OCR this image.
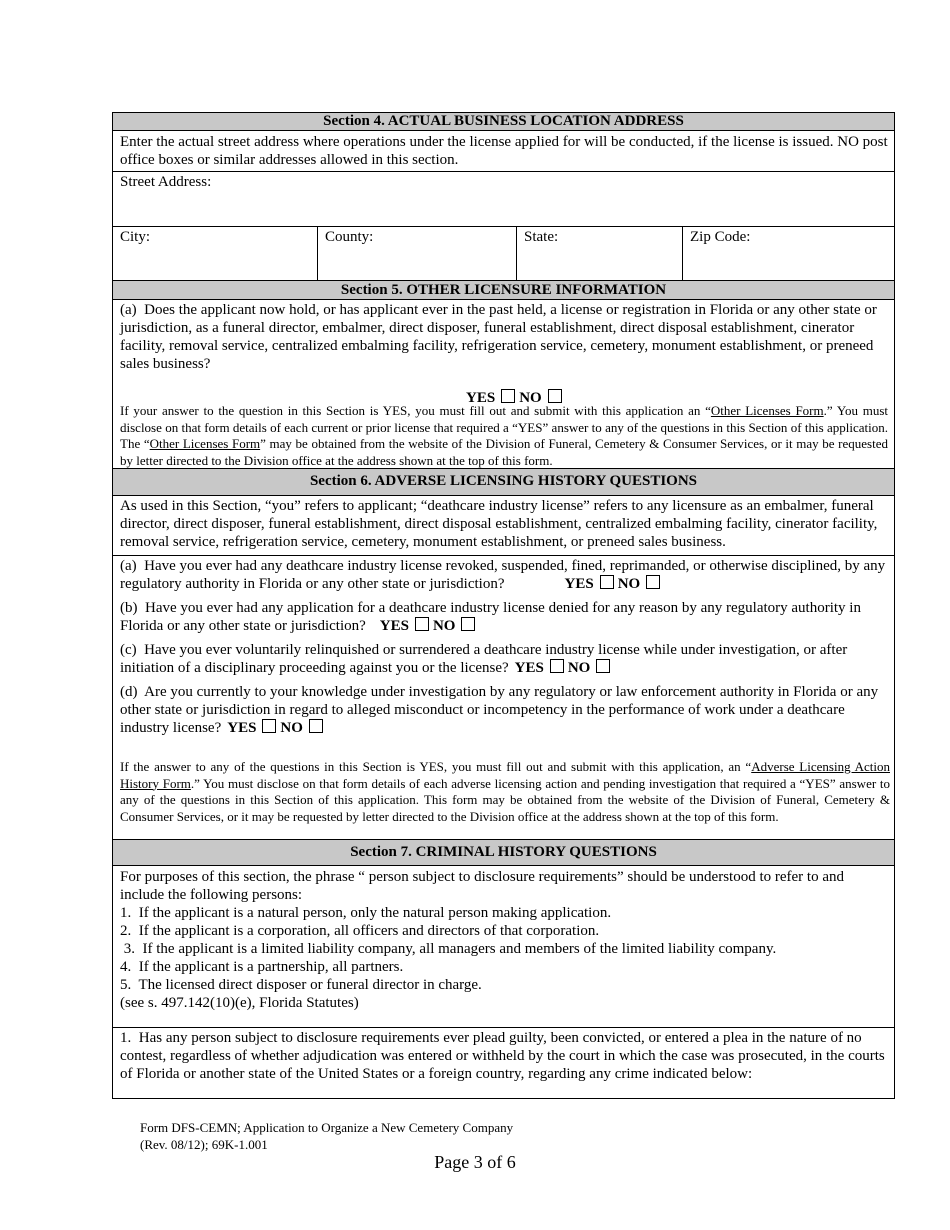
Section 4. ACTUAL BUSINESS LOCATION ADDRESS
Enter the actual street address where operations under the license applied for will be conducted, if the license is issued. NO post office boxes or similar addresses allowed in this section.
Street Address:
City:	County:	State:	Zip Code:
Section 5. OTHER LICENSURE INFORMATION
(a)  Does the applicant now hold, or has applicant ever in the past held, a license or registration in Florida or any other state or jurisdiction, as a funeral director, embalmer, direct disposer, funeral establishment, direct disposal establishment, cinerator facility, removal service, centralized embalming facility, refrigeration service, cemetery, monument establishment, or preneed sales business?

YES NO

If your answer to the question in this Section is YES, you must fill out and submit with this application an “Other Licenses Form.” You must disclose on that form details of each current or prior license that required a “YES” answer to any of the questions in this Section of this application. The “Other Licenses Form” may be obtained from the website of the Division of Funeral, Cemetery & Consumer Services, or it may be requested by letter directed to the Division office at the address shown at the top of this form.
Section 6. ADVERSE LICENSING HISTORY QUESTIONS
As used in this Section, “you” refers to applicant; “deathcare industry license” refers to any licensure as an embalmer, funeral director, direct disposer, funeral establishment, direct disposal establishment, centralized embalming facility, cinerator facility, removal service, refrigeration service, cemetery, monument establishment, or preneed sales business.
(a)  Have you ever had any deathcare industry license revoked, suspended, fined, reprimanded, or otherwise disciplined, by any regulatory authority in Florida or any other state or jurisdiction?	YES NO
(b)  Have you ever had any application for a deathcare industry license denied for any reason by any regulatory authority in Florida or any other state or jurisdiction? YES NO
(c)  Have you ever voluntarily relinquished or surrendered a deathcare industry license while under investigation, or after initiation of a disciplinary proceeding against you or the license? YES NO
(d)  Are you currently to your knowledge under investigation by any regulatory or law enforcement authority in Florida or any other state or jurisdiction in regard to alleged misconduct or incompetency in the performance of work under a deathcare industry license? YES NO
If the answer to any of the questions in this Section is YES, you must fill out and submit with this application, an “Adverse Licensing Action History Form.” You must disclose on that form details of each adverse licensing action and pending investigation that required a “YES” answer to any of the questions in this Section of this application. This form may be obtained from the website of the Division of Funeral, Cemetery & Consumer Services, or it may be requested by letter directed to the Division office at the address shown at the top of this form.
Section 7. CRIMINAL HISTORY QUESTIONS
For purposes of this section, the phrase “ person subject to disclosure requirements” should be understood to refer to and include the following persons:
1.  If the applicant is a natural person, only the natural person making application.
2.  If the applicant is a corporation, all officers and directors of that corporation.
3.  If the applicant is a limited liability company, all managers and members of the limited liability company.
4.  If the applicant is a partnership, all partners.
5.  The licensed direct disposer or funeral director in charge.
(see s. 497.142(10)(e), Florida Statutes)
1.  Has any person subject to disclosure requirements ever plead guilty, been convicted, or entered a plea in the nature of no contest, regardless of whether adjudication was entered or withheld by the court in which the case was prosecuted, in the courts of Florida or another state of the United States or a foreign country, regarding any crime indicated below:
Form DFS-CEMN; Application to Organize a New Cemetery Company
(Rev. 08/12); 69K-1.001
Page 3 of 6
